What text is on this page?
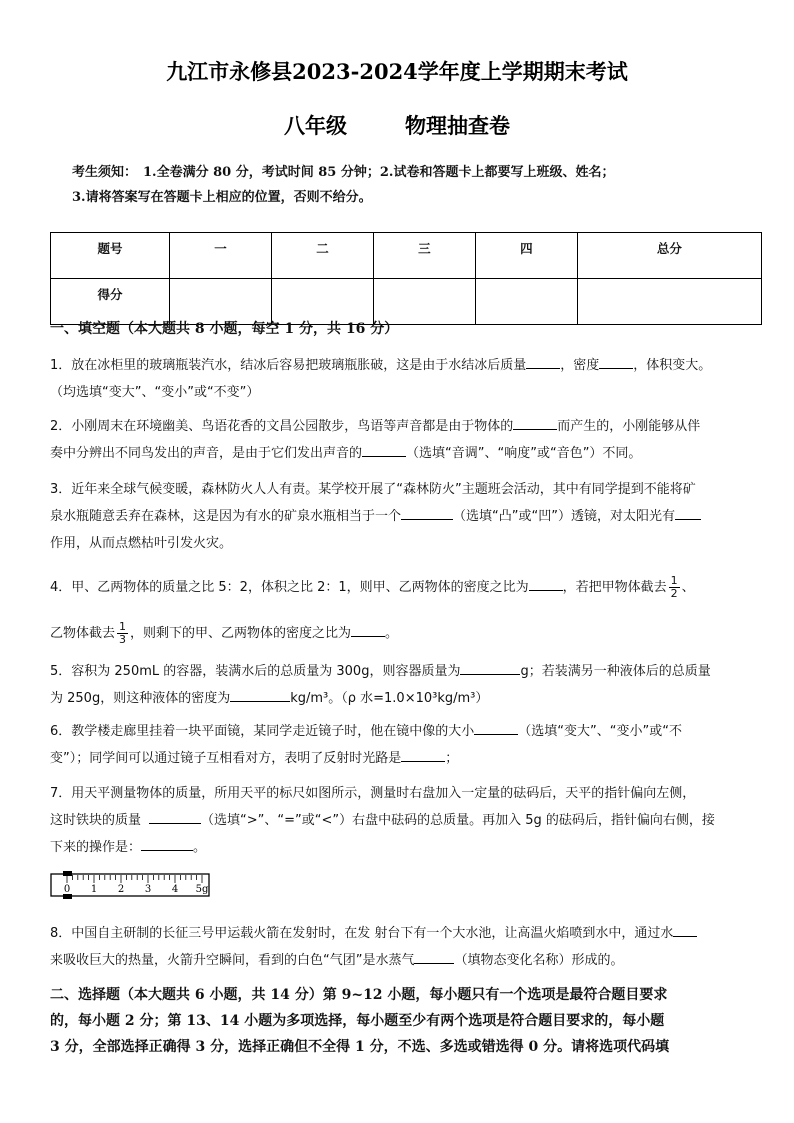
九江市永修县2023-2024学年度上学期期末考试
八年级	物理抽查卷
考生须知： 1.全卷满分 80 分，考试时间 85 分钟；2.试卷和答题卡上都要写上班级、姓名；
3.请将答案写在答题卡上相应的位置，否则不给分。
题号	一	二	三	四	总分
得分					
一、填空题（本大题共 8 小题，每空 1 分，共 16 分）
1．放在冰柜里的玻璃瓶装汽水，结冰后容易把玻璃瓶胀破，这是由于水结冰后质量	，密度	，体积变大。
（均选填“变大”、“变小”或“不变”）
2．小刚周末在环境幽美、鸟语花香的文昌公园散步，鸟语等声音都是由于物体的	而产生的，小刚能够从伴
奏中分辨出不同鸟发出的声音，是由于它们发出声音的	（选填“音调”、“响度”或“音色”）不同。
3．近年来全球气候变暖，森林防火人人有责。某学校开展了“森林防火”主题班会活动，其中有同学提到不能将矿
泉水瓶随意丢弃在森林，这是因为有水的矿泉水瓶相当于一个	（选填“凸”或“凹”）透镜，对太阳光有
作用，从而点燃枯叶引发火灾。
4．甲、乙两物体的质量之比 5：2，体积之比 2：1，则甲、乙两物体的密度之比为	，若把甲物体截去 $\frac{1}{2}$ 、
乙物体截去 $\frac{1}{3}$ ，则剩下的甲、乙两物体的密度之比为	。
5．容积为 250mL 的容器，装满水后的总质量为 300g，则容器质量为	g；若装满另一种液体后的总质量
为 250g，则这种液体的密度为	kg/m³。（ρ 水=1.0×10³kg/m³）
6．教学楼走廊里挂着一块平面镜，某同学走近镜子时，他在镜中像的大小	（选填“变大”、“变小”或“不
变”）；同学间可以通过镜子互相看对方，表明了反射时光路是	；
7．用天平测量物体的质量，所用天平的标尺如图所示，测量时右盘加入一定量的砝码后，天平的指针偏向左侧，
这时铁块的质量	（选填“>”、“=”或“<”）右盘中砝码的总质量。再加入 5g 的砝码后，指针偏向右侧，接
下来的操作是：	。
0 1 2 3 4 5g
8．中国自主研制的长征三号甲运载火箭在发射时，在发 射台下有一个大水池，让高温火焰喷到水中，通过水
来吸收巨大的热量，火箭升空瞬间，看到的白色“气团”是水蒸气	（填物态变化名称）形成的。
二、选择题（本大题共 6 小题，共 14 分）第 9~12 小题，每小题只有一个选项是最符合题目要求
的，每小题 2 分；第 13、14 小题为多项选择，每小题至少有两个选项是符合题目要求的，每小题
3 分，全部选择正确得 3 分，选择正确但不全得 1 分，不选、多选或错选得 0 分。请将选项代码填
